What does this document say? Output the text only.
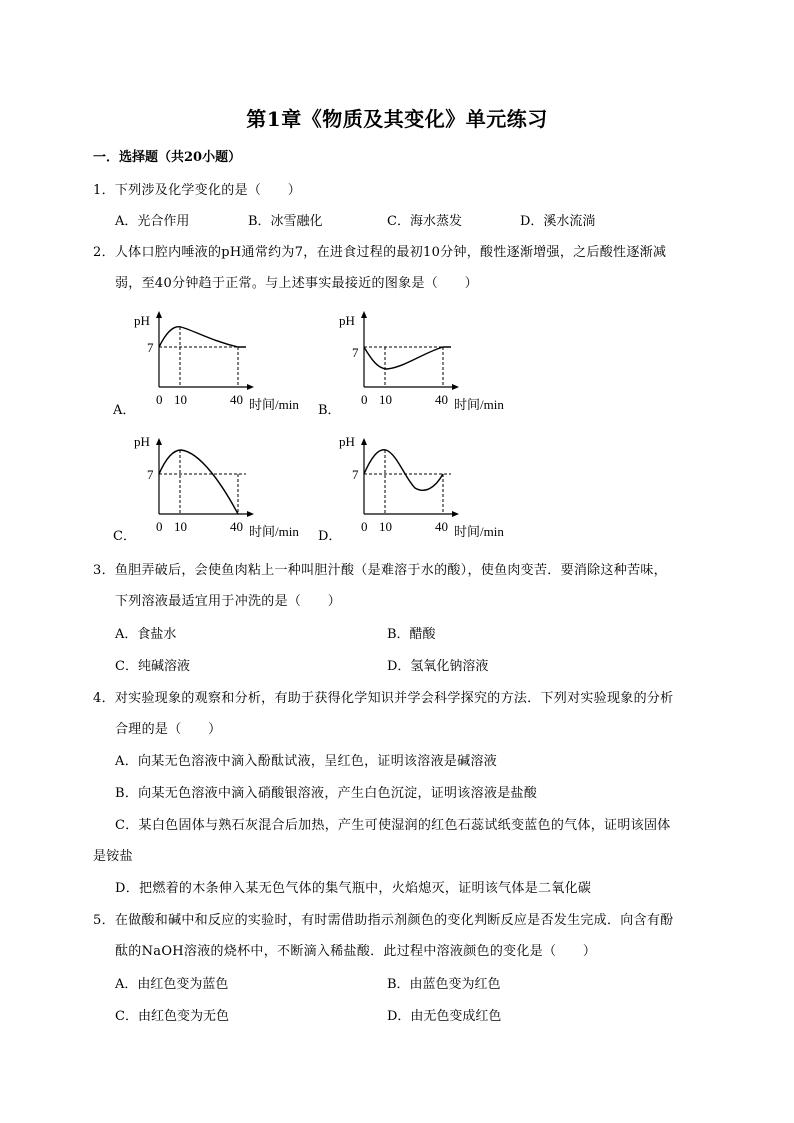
第1章《物质及其变化》单元练习
一．选择题（共20小题）
1．下列涉及化学变化的是（　　）
A．光合作用	B．冰雪融化	C．海水蒸发	D．溪水流淌
2．人体口腔内唾液的pH通常约为7，在进食过程的最初10分钟，酸性逐渐增强，之后酸性逐渐减
弱，至40分钟趋于正常。与上述事实最接近的图象是（　　）
A．	B．
C．	D．
pH
7
0 10	40 时间/min
pH
7
0 10	40 时间/min
pH
7
0 10	40 时间/min
pH
7
0 10	40 时间/min
3．鱼胆弄破后，会使鱼肉粘上一种叫胆汁酸（是难溶于水的酸），使鱼肉变苦．要消除这种苦味，
下列溶液最适宜用于冲洗的是（　　）
A．食盐水	B．醋酸
C．纯碱溶液	D．氢氧化钠溶液
4．对实验现象的观察和分析，有助于获得化学知识并学会科学探究的方法．下列对实验现象的分析
合理的是（　　）
A．向某无色溶液中滴入酚酞试液，呈红色，证明该溶液是碱溶液
B．向某无色溶液中滴入硝酸银溶液，产生白色沉淀，证明该溶液是盐酸
C．某白色固体与熟石灰混合后加热，产生可使湿润的红色石蕊试纸变蓝色的气体，证明该固体
是铵盐
D．把燃着的木条伸入某无色气体的集气瓶中，火焰熄灭，证明该气体是二氧化碳
5．在做酸和碱中和反应的实验时，有时需借助指示剂颜色的变化判断反应是否发生完成．向含有酚
酞的NaOH溶液的烧杯中，不断滴入稀盐酸．此过程中溶液颜色的变化是（　　）
A．由红色变为蓝色	B．由蓝色变为红色
C．由红色变为无色	D．由无色变成红色
